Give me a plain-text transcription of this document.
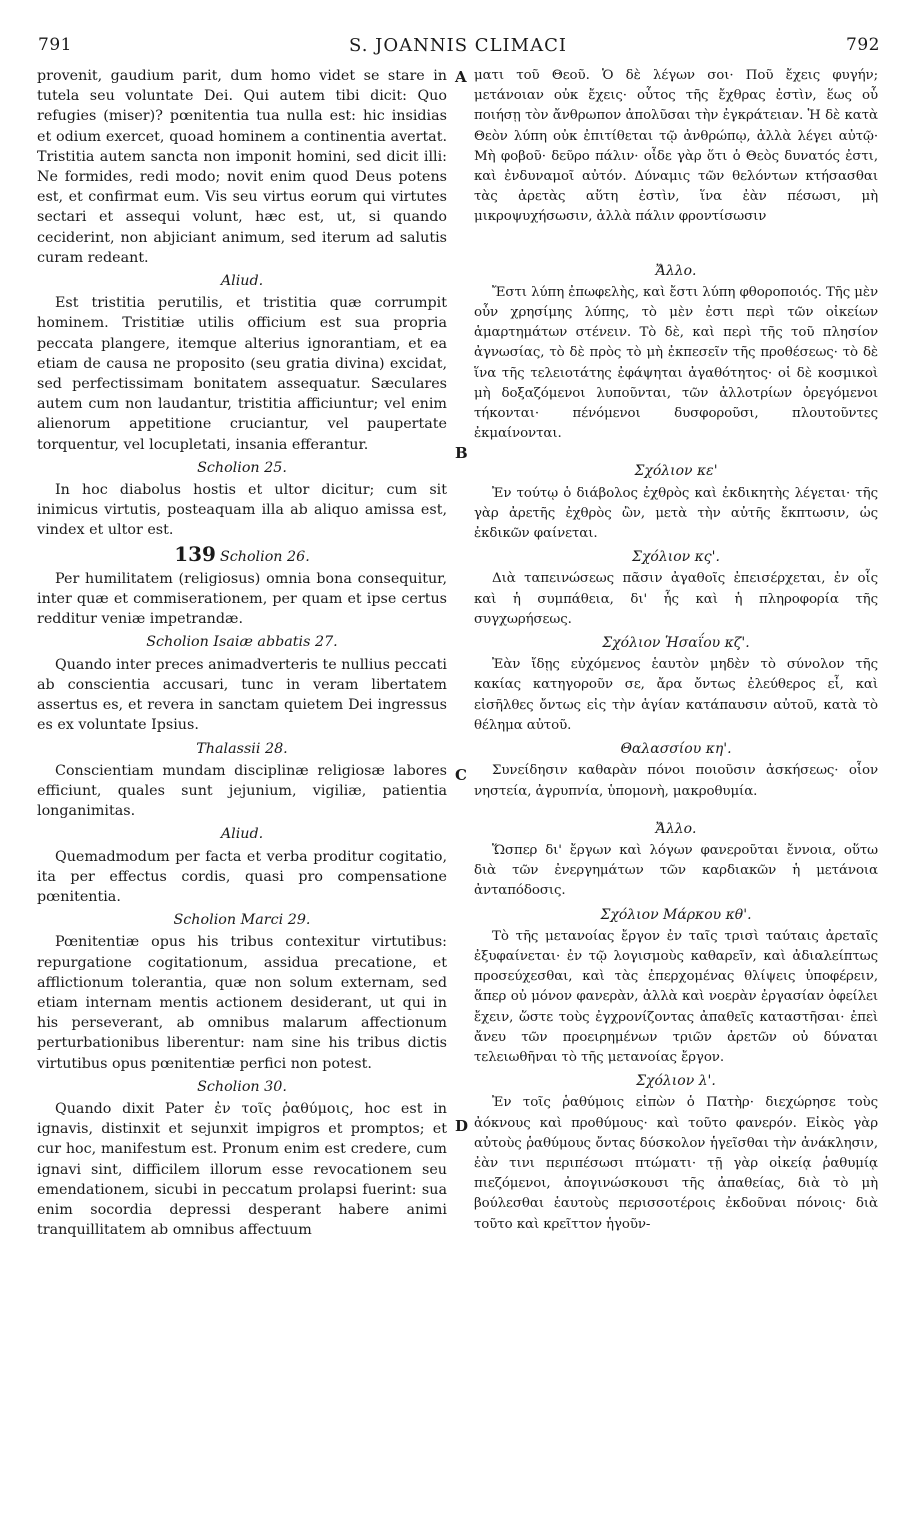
791	S. JOANNIS CLIMACI	792
A
B
C
D

provenit, gaudium parit, dum homo videt se stare in tutela seu voluntate Dei. Qui autem tibi dicit: Quo refugies (miser)? pœnitentia tua nulla est: hic insidias et odium exercet, quoad hominem a continentia avertat. Tristitia autem sancta non imponit homini, sed dicit illi: Ne formides, redi modo; novit enim quod Deus potens est, et confirmat eum. Vis seu virtus eorum qui virtutes sectari et assequi volunt, hæc est, ut, si quando ceciderint, non abjiciant animum, sed iterum ad salutis curam redeant.

Aliud.

Est tristitia perutilis, et tristitia quæ corrumpit hominem. Tristitiæ utilis officium est sua propria peccata plangere, itemque alterius ignorantiam, et ea etiam de causa ne proposito (seu gratia divina) excidat, sed perfectissimam bonitatem assequatur. Sæculares autem cum non laudantur, tristitia afficiuntur; vel enim alienorum appetitione cruciantur, vel paupertate torquentur, vel locupletati, insania efferantur.

Scholion 25.

In hoc diabolus hostis et ultor dicitur; cum sit inimicus virtutis, posteaquam illa ab aliquo amissa est, vindex et ultor est.

139 Scholion 26.

Per humilitatem (religiosus) omnia bona consequitur, inter quæ et commiserationem, per quam et ipse certus redditur veniæ impetrandæ.

Scholion Isaiæ abbatis 27.

Quando inter preces animadverteris te nullius peccati ab conscientia accusari, tunc in veram libertatem assertus es, et revera in sanctam quietem Dei ingressus es ex voluntate Ipsius.

Thalassii 28.

Conscientiam mundam disciplinæ religiosæ labores efficiunt, quales sunt jejunium, vigiliæ, patientia longanimitas.

Aliud.

Quemadmodum per facta et verba proditur cogitatio, ita per effectus cordis, quasi pro compensatione pœnitentia.

Scholion Marci 29.

Pœnitentiæ opus his tribus contexitur virtutibus: repurgatione cogitationum, assidua precatione, et afflictionum tolerantia, quæ non solum externam, sed etiam internam mentis actionem desiderant, ut qui in his perseverant, ab omnibus malarum affectionum perturbationibus liberentur: nam sine his tribus dictis virtutibus opus pœnitentiæ perfici non potest.

Scholion 30.

Quando dixit Pater ἐν τοῖς ῥαθύμοις, hoc est in ignavis, distinxit et sejunxit impigros et promptos; et cur hoc, manifestum est. Pronum enim est credere, cum ignavi sint, difficilem illorum esse revocationem seu emendationem, sicubi in peccatum prolapsi fuerint: sua enim socordia depressi desperant habere animi tranquillitatem ab omnibus affectuum

ματι τοῦ Θεοῦ. Ὁ δὲ λέγων σοι· Ποῦ ἔχεις φυγήν; μετάνοιαν οὐκ ἔχεις· οὗτος τῆς ἔχθρας ἐστὶν, ἕως οὗ ποιήσῃ τὸν ἄνθρωπον ἀπολῦσαι τὴν ἐγκράτειαν. Ἡ δὲ κατὰ Θεὸν λύπη οὐκ ἐπιτίθεται τῷ ἀνθρώπῳ, ἀλλὰ λέγει αὐτῷ· Μὴ φοβοῦ· δεῦρο πάλιν· οἶδε γὰρ ὅτι ὁ Θεὸς δυνατός ἐστι, καὶ ἐνδυναμοῖ αὐτόν. Δύναμις τῶν θελόντων κτήσασθαι τὰς ἀρετὰς αὕτη ἐστὶν, ἵνα ἐὰν πέσωσι, μὴ μικροψυχήσωσιν, ἀλλὰ πάλιν φροντίσωσιν

Ἄλλο.

Ἔστι λύπη ἐπωφελὴς, καὶ ἔστι λύπη φθοροποιός. Τῆς μὲν οὖν χρησίμης λύπης, τὸ μὲν ἐστι περὶ τῶν οἰκείων ἁμαρτημάτων στένειν. Τὸ δὲ, καὶ περὶ τῆς τοῦ πλησίον ἀγνωσίας, τὸ δὲ πρὸς τὸ μὴ ἐκπεσεῖν τῆς προθέσεως· τὸ δὲ ἵνα τῆς τελειοτάτης ἐφάψηται ἀγαθότητος· οἱ δὲ κοσμικοὶ μὴ δοξαζόμενοι λυποῦνται, τῶν ἀλλοτρίων ὀρεγόμενοι τήκονται· πένόμενοι δυσφοροῦσι, πλουτοῦντες ἐκμαίνονται.

Σχόλιον κε'

Ἐν τούτῳ ὁ διάβολος ἐχθρὸς καὶ ἐκδικητὴς λέγεται· τῆς γὰρ ἀρετῆς ἐχθρὸς ὢν, μετὰ τὴν αὐτῆς ἔκπτωσιν, ὡς ἐκδικῶν φαίνεται.

Σχόλιον κς'.

Διὰ ταπεινώσεως πᾶσιν ἀγαθοῖς ἐπεισέρχεται, ἐν οἷς καὶ ἡ συμπάθεια, δι' ἧς καὶ ἡ πληροφορία τῆς συγχωρήσεως.

Σχόλιον Ἡσαΐου κζ'.

Ἐὰν ἴδῃς εὐχόμενος ἑαυτὸν μηδὲν τὸ σύνολον τῆς κακίας κατηγοροῦν σε, ἄρα ὄντως ἐλεύθερος εἶ, καὶ εἰσῆλθες ὄντως εἰς τὴν ἁγίαν κατάπαυσιν αὐτοῦ, κατὰ τὸ θέλημα αὐτοῦ.

Θαλασσίου κη'.

Συνείδησιν καθαρὰν πόνοι ποιοῦσιν ἀσκήσεως· οἷον νηστεία, ἀγρυπνία, ὑπομονὴ, μακροθυμία.

Ἄλλο.

Ὥσπερ δι' ἔργων καὶ λόγων φανεροῦται ἔννοια, οὕτω διὰ τῶν ἐνεργημάτων τῶν καρδιακῶν ἡ μετάνοια ἀνταπόδοσις.

Σχόλιον Μάρκου κθ'.

Τὸ τῆς μετανοίας ἔργον ἐν ταῖς τρισὶ ταύταις ἀρεταῖς ἐξυφαίνεται· ἐν τῷ λογισμοὺς καθαρεῖν, καὶ ἀδιαλείπτως προσεύχεσθαι, καὶ τὰς ἐπερχομένας θλίψεις ὑποφέρειν, ἅπερ οὐ μόνον φανερὰν, ἀλλὰ καὶ νοερὰν ἐργασίαν ὀφείλει ἔχειν, ὥστε τοὺς ἐγχρονίζοντας ἀπαθεῖς καταστῆσαι· ἐπεὶ ἄνευ τῶν προειρημένων τριῶν ἀρετῶν οὐ δύναται τελειωθῆναι τὸ τῆς μετανοίας ἔργον.

Σχόλιον λ'.

Ἐν τοῖς ῥαθύμοις εἰπὼν ὁ Πατὴρ· διεχώρησε τοὺς ἀόκνους καὶ προθύμους· καὶ τοῦτο φανερόν. Εἰκὸς γὰρ αὐτοὺς ῥαθύμους ὄντας δύσκολον ἡγεῖσθαι τὴν ἀνάκλησιν, ἐὰν τινι περιπέσωσι πτώματι· τῇ γὰρ οἰκείᾳ ῥαθυμίᾳ πιεζόμενοι, ἀπογινώσκουσι τῆς ἀπαθείας, διὰ τὸ μὴ βούλεσθαι ἑαυτοὺς περισσοτέροις ἐκδοῦναι πόνοις· διὰ τοῦτο καὶ κρεῖττον ἡγοῦν-
